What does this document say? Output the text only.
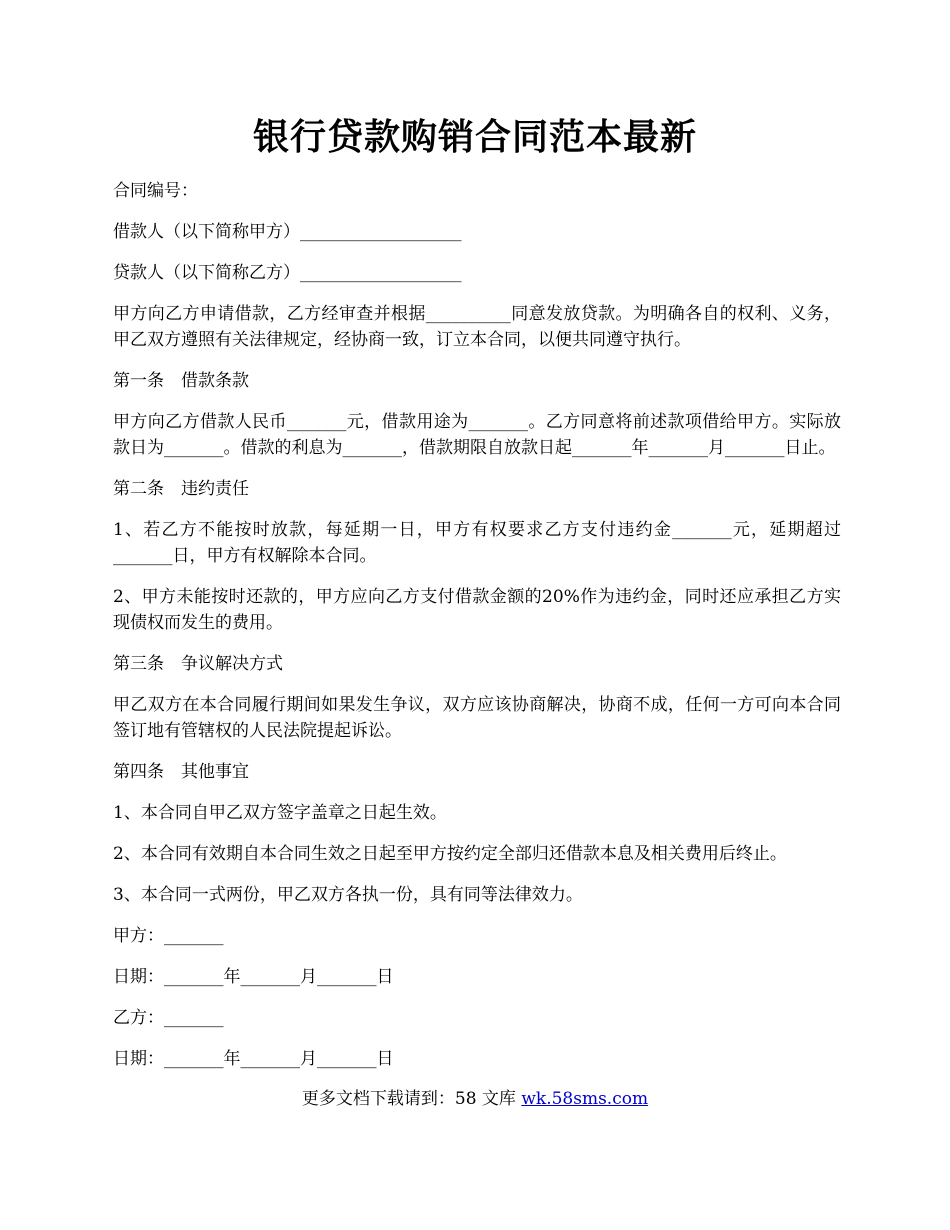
银行贷款购销合同范本最新

合同编号：

借款人（以下简称甲方）___________________

贷款人（以下简称乙方）___________________

甲方向乙方申请借款，乙方经审查并根据__________同意发放贷款。为明确各自的权利、义务，甲乙双方遵照有关法律规定，经协商一致，订立本合同，以便共同遵守执行。

第一条　借款条款

甲方向乙方借款人民币_______元，借款用途为_______。乙方同意将前述款项借给甲方。实际放款日为_______。借款的利息为_______，借款期限自放款日起_______年_______月_______日止。

第二条　违约责任

1、若乙方不能按时放款，每延期一日，甲方有权要求乙方支付违约金_______元，延期超过_______日，甲方有权解除本合同。

2、甲方未能按时还款的，甲方应向乙方支付借款金额的20%作为违约金，同时还应承担乙方实现债权而发生的费用。

第三条　争议解决方式

甲乙双方在本合同履行期间如果发生争议，双方应该协商解决，协商不成，任何一方可向本合同签订地有管辖权的人民法院提起诉讼。

第四条　其他事宜

1、本合同自甲乙双方签字盖章之日起生效。

2、本合同有效期自本合同生效之日起至甲方按约定全部归还借款本息及相关费用后终止。

3、本合同一式两份，甲乙双方各执一份，具有同等法律效力。

甲方：_______

日期：_______年_______月_______日

乙方：_______

日期：_______年_______月_______日

更多文档下载请到：58 文库 wk.58sms.com
